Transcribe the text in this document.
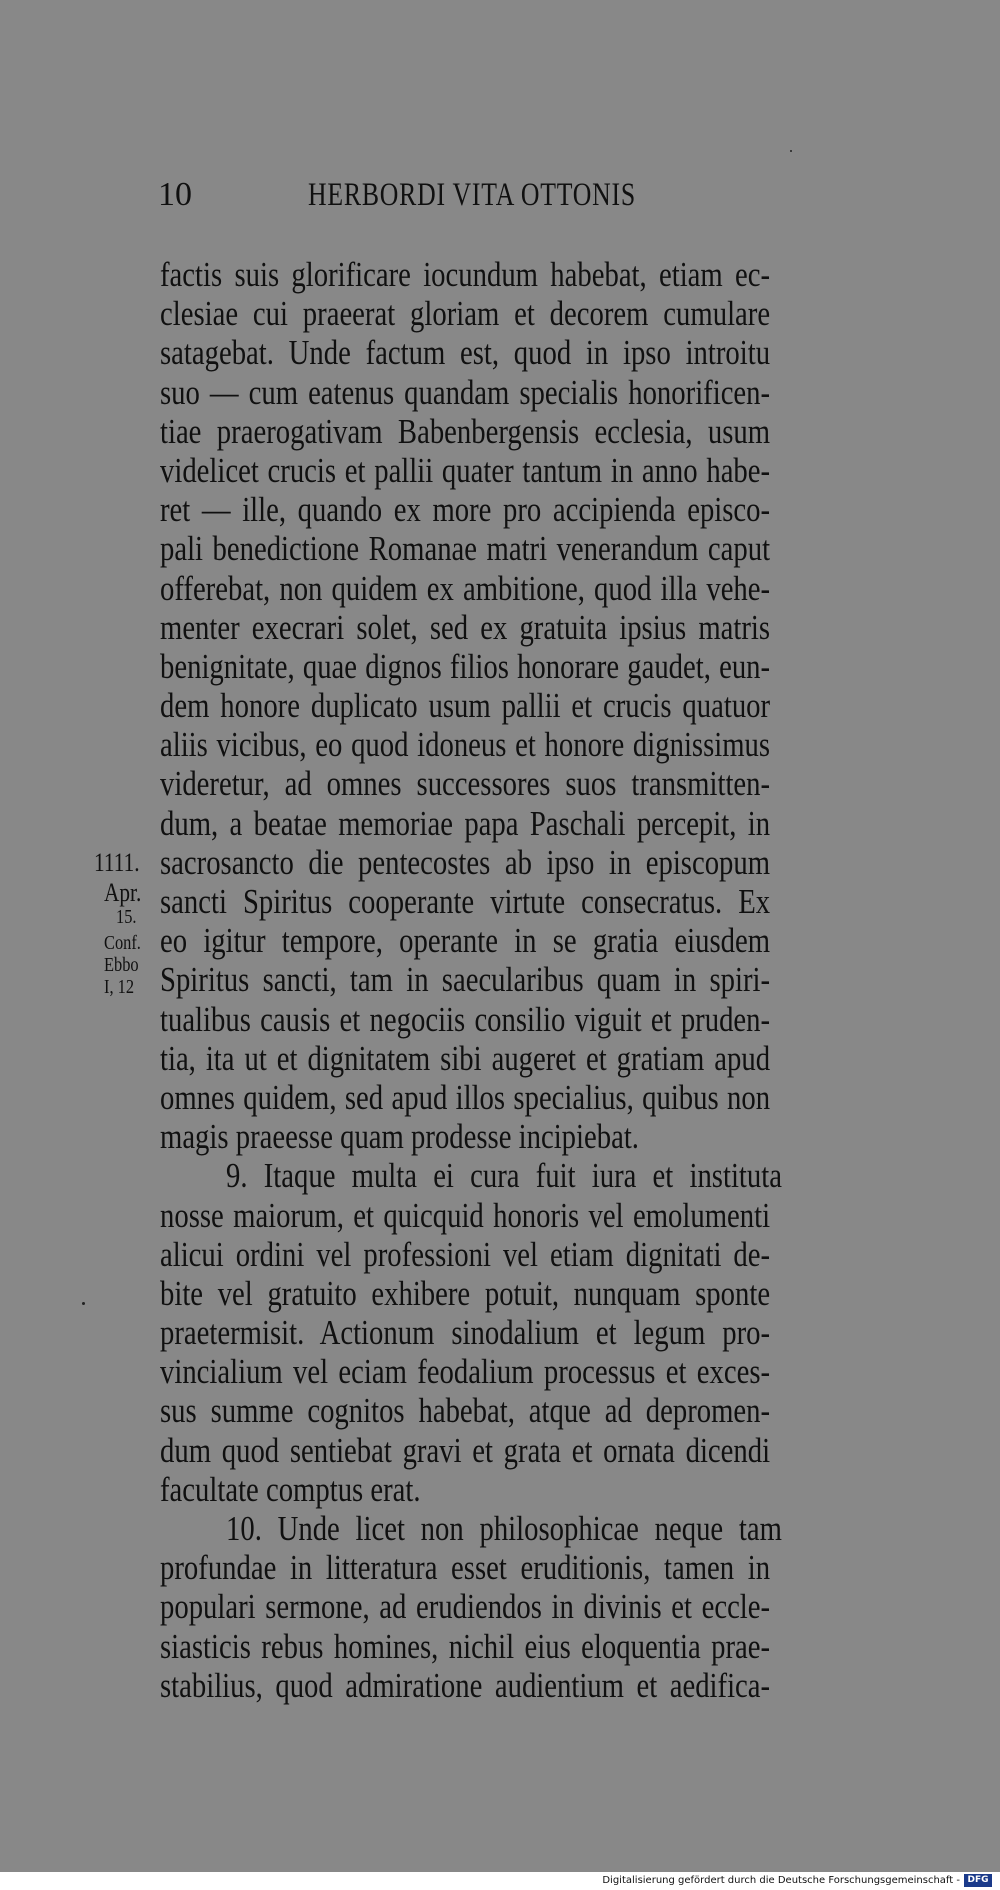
10	HERBORDI VITA OTTONIS
factis suis glorificare iocundum habebat, etiam ec-
clesiae cui praeerat gloriam et decorem cumulare
satagebat. Unde factum est, quod in ipso introitu
suo — cum eatenus quandam specialis honorificen-
tiae praerogativam Babenbergensis ecclesia, usum
videlicet crucis et pallii quater tantum in anno habe-
ret — ille, quando ex more pro accipienda episco-
pali benedictione Romanae matri venerandum caput
offerebat, non quidem ex ambitione, quod illa vehe-
menter execrari solet, sed ex gratuita ipsius matris
benignitate, quae dignos filios honorare gaudet, eun-
dem honore duplicato usum pallii et crucis quatuor
aliis vicibus, eo quod idoneus et honore dignissimus
videretur, ad omnes successores suos transmitten-
dum, a beatae memoriae papa Paschali percepit, in
sacrosancto die pentecostes ab ipso in episcopum
sancti Spiritus cooperante virtute consecratus. Ex
eo igitur tempore, operante in se gratia eiusdem
Spiritus sancti, tam in saecularibus quam in spiri-
tualibus causis et negociis consilio viguit et pruden-
tia, ita ut et dignitatem sibi augeret et gratiam apud
omnes quidem, sed apud illos specialius, quibus non
magis praeesse quam prodesse incipiebat.
9. Itaque multa ei cura fuit iura et instituta
nosse maiorum, et quicquid honoris vel emolumenti
alicui ordini vel professioni vel etiam dignitati de-
bite vel gratuito exhibere potuit, nunquam sponte
praetermisit. Actionum sinodalium et legum pro-
vincialium vel eciam feodalium processus et exces-
sus summe cognitos habebat, atque ad depromen-
dum quod sentiebat gravi et grata et ornata dicendi
facultate comptus erat.
10. Unde licet non philosophicae neque tam
profundae in litteratura esset eruditionis, tamen in
populari sermone, ad erudiendos in divinis et eccle-
siasticis rebus homines, nichil eius eloquentia prae-
stabilius, quod admiratione audientium et aedifica-
1111.
Apr.
15.
Conf.
Ebbo
I, 12
Digitalisierung gefördert durch die Deutsche Forschungsgemeinschaft - DFG
